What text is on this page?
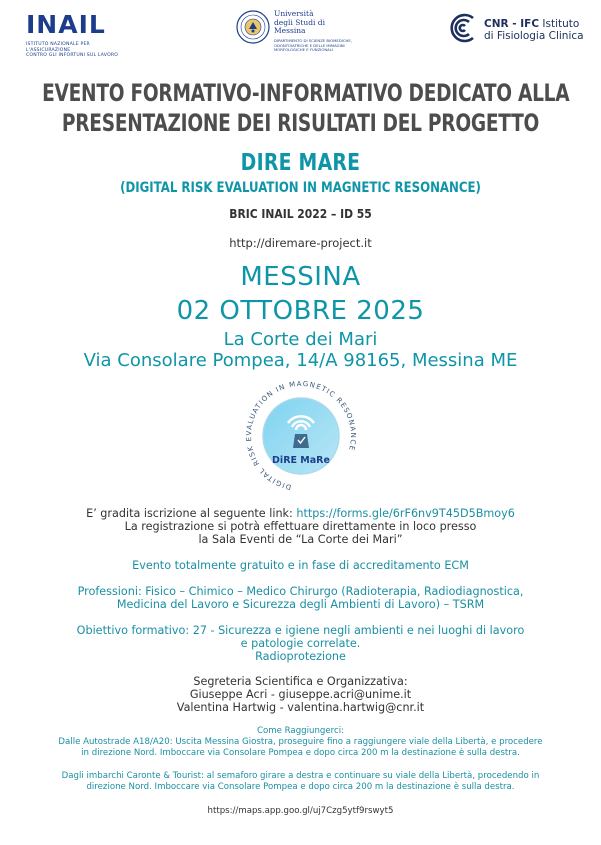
INAIL
ISTITUTO NAZIONALE PER L'ASSICURAZIONE
CONTRO GLI INFORTUNI SUL LAVORO
Università
degli Studi di
Messina
DIPARTIMENTO DI SCIENZE BIOMEDICHE,
ODONTOIATRICHE E DELLE IMMAGINI
MORFOLOGICHE E FUNZIONALI
CNR - IFC Istituto
di Fisiologia Clinica
EVENTO FORMATIVO-INFORMATIVO DEDICATO ALLA
PRESENTAZIONE DEI RISULTATI DEL PROGETTO
DIRE MARE
(DIGITAL RISK EVALUATION IN MAGNETIC RESONANCE)
BRIC INAIL 2022 – ID 55
http://diremare-project.it
MESSINA
02 OTTOBRE 2025
La Corte dei Mari
Via Consolare Pompea, 14/A 98165, Messina ME
DIGITAL RISK EVALUATION IN MAGNETIC RESONANCE
DiRE MaRe
E’ gradita iscrizione al seguente link: https://forms.gle/6rF6nv9T45D5Bmoy6
La registrazione si potrà effettuare direttamente in loco presso
la Sala Eventi de “La Corte dei Mari”
Evento totalmente gratuito e in fase di accreditamento ECM
Professioni: Fisico – Chimico – Medico Chirurgo (Radioterapia, Radiodiagnostica,
Medicina del Lavoro e Sicurezza degli Ambienti di Lavoro) – TSRM
Obiettivo formativo: 27 - Sicurezza e igiene negli ambienti e nei luoghi di lavoro
e patologie correlate.
Radioprotezione
Segreteria Scientifica e Organizzativa:
Giuseppe Acri - giuseppe.acri@unime.it
Valentina Hartwig - valentina.hartwig@cnr.it
Come Raggiungerci:
Dalle Autostrade A18/A20: Uscita Messina Giostra, proseguire fino a raggiungere viale della Libertà, e procedere
in direzione Nord. Imboccare via Consolare Pompea e dopo circa 200 m la destinazione è sulla destra.
Dagli imbarchi Caronte & Tourist: al semaforo girare a destra e continuare su viale della Libertà, procedendo in
direzione Nord. Imboccare via Consolare Pompea e dopo circa 200 m la destinazione è sulla destra.
https://maps.app.goo.gl/uj7Czg5ytf9rswyt5
